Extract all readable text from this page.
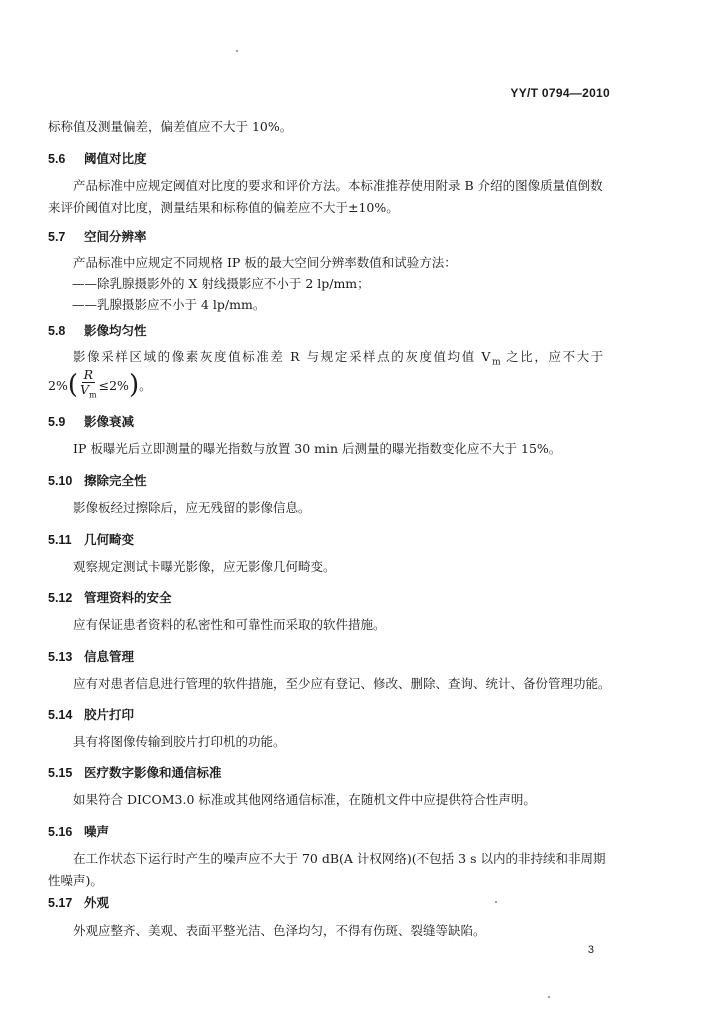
YY/T 0794—2010

标称值及测量偏差，偏差值应不大于 10%。

5.6 阈值对比度

产品标准中应规定阈值对比度的要求和评价方法。本标准推荐使用附录 B 介绍的图像质量值倒数来评价阈值对比度，测量结果和标称值的偏差应不大于±10%。

5.7 空间分辨率

产品标准中应规定不同规格 IP 板的最大空间分辨率数值和试验方法：

——除乳腺摄影外的 X 射线摄影应不小于 2 lp/mm；
——乳腺摄影应不小于 4 lp/mm。
5.8 影像均匀性

影像采样区域的像素灰度值标准差 R 与规定采样点的灰度值均值 $V_m$ 之比，应不大于

2% ( $\frac{R}{V_m} \le 2\%$ ) 。
5.9 影像衰减

IP 板曝光后立即测量的曝光指数与放置 30 min 后测量的曝光指数变化应不大于 15%。

5.10 擦除完全性

影像板经过擦除后，应无残留的影像信息。

5.11 几何畸变

观察规定测试卡曝光影像，应无影像几何畸变。

5.12 管理资料的安全

应有保证患者资料的私密性和可靠性而采取的软件措施。

5.13 信息管理

应有对患者信息进行管理的软件措施，至少应有登记、修改、删除、查询、统计、备份管理功能。

5.14 胶片打印

具有将图像传输到胶片打印机的功能。

5.15 医疗数字影像和通信标准

如果符合 DICOM3.0 标准或其他网络通信标准，在随机文件中应提供符合性声明。

5.16 噪声

在工作状态下运行时产生的噪声应不大于 70 dB(A 计权网络)(不包括 3 s 以内的非持续和非周期性噪声)。

5.17 外观

外观应整齐、美观、表面平整光洁、色泽均匀，不得有伤斑、裂缝等缺陷。

3
